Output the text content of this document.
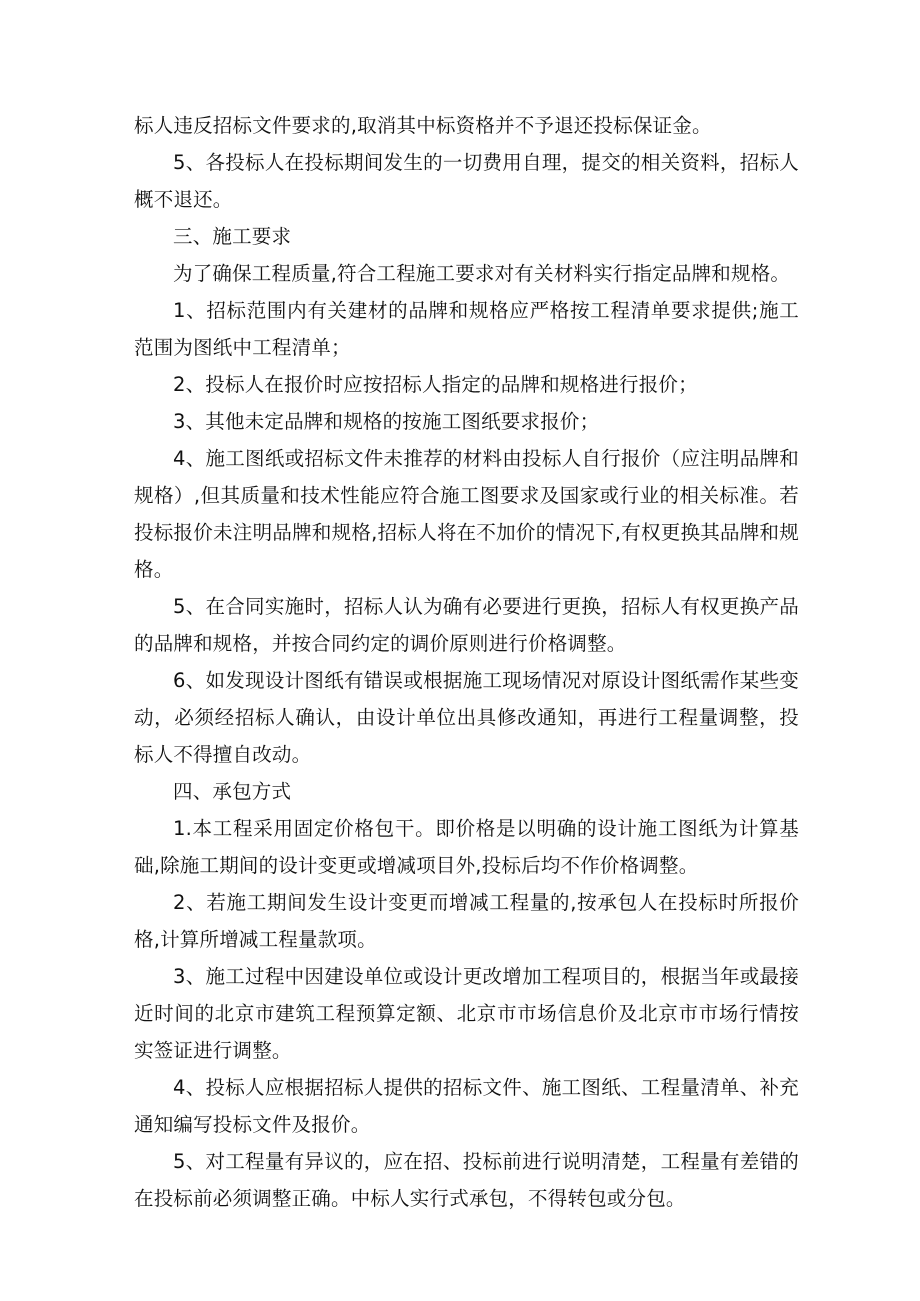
标人违反招标文件要求的,取消其中标资格并不予退还投标保证金。

5、各投标人在投标期间发生的一切费用自理，提交的相关资料，招标人概不退还。

三、施工要求

为了确保工程质量,符合工程施工要求对有关材料实行指定品牌和规格。

1、招标范围内有关建材的品牌和规格应严格按工程清单要求提供;施工范围为图纸中工程清单；

2、投标人在报价时应按招标人指定的品牌和规格进行报价；

3、其他未定品牌和规格的按施工图纸要求报价；

4、施工图纸或招标文件未推荐的材料由投标人自行报价（应注明品牌和规格）,但其质量和技术性能应符合施工图要求及国家或行业的相关标准。若投标报价未注明品牌和规格,招标人将在不加价的情况下,有权更换其品牌和规格。

5、在合同实施时，招标人认为确有必要进行更换，招标人有权更换产品的品牌和规格，并按合同约定的调价原则进行价格调整。

6、如发现设计图纸有错误或根据施工现场情况对原设计图纸需作某些变动，必须经招标人确认，由设计单位出具修改通知，再进行工程量调整，投标人不得擅自改动。

四、承包方式

1.本工程采用固定价格包干。即价格是以明确的设计施工图纸为计算基础,除施工期间的设计变更或增减项目外,投标后均不作价格调整。

2、若施工期间发生设计变更而增减工程量的,按承包人在投标时所报价格,计算所增减工程量款项。

3、施工过程中因建设单位或设计更改增加工程项目的，根据当年或最接近时间的北京市建筑工程预算定额、北京市市场信息价及北京市市场行情按实签证进行调整。

4、投标人应根据招标人提供的招标文件、施工图纸、工程量清单、补充通知编写投标文件及报价。

5、对工程量有异议的，应在招、投标前进行说明清楚，工程量有差错的在投标前必须调整正确。中标人实行式承包，不得转包或分包。
